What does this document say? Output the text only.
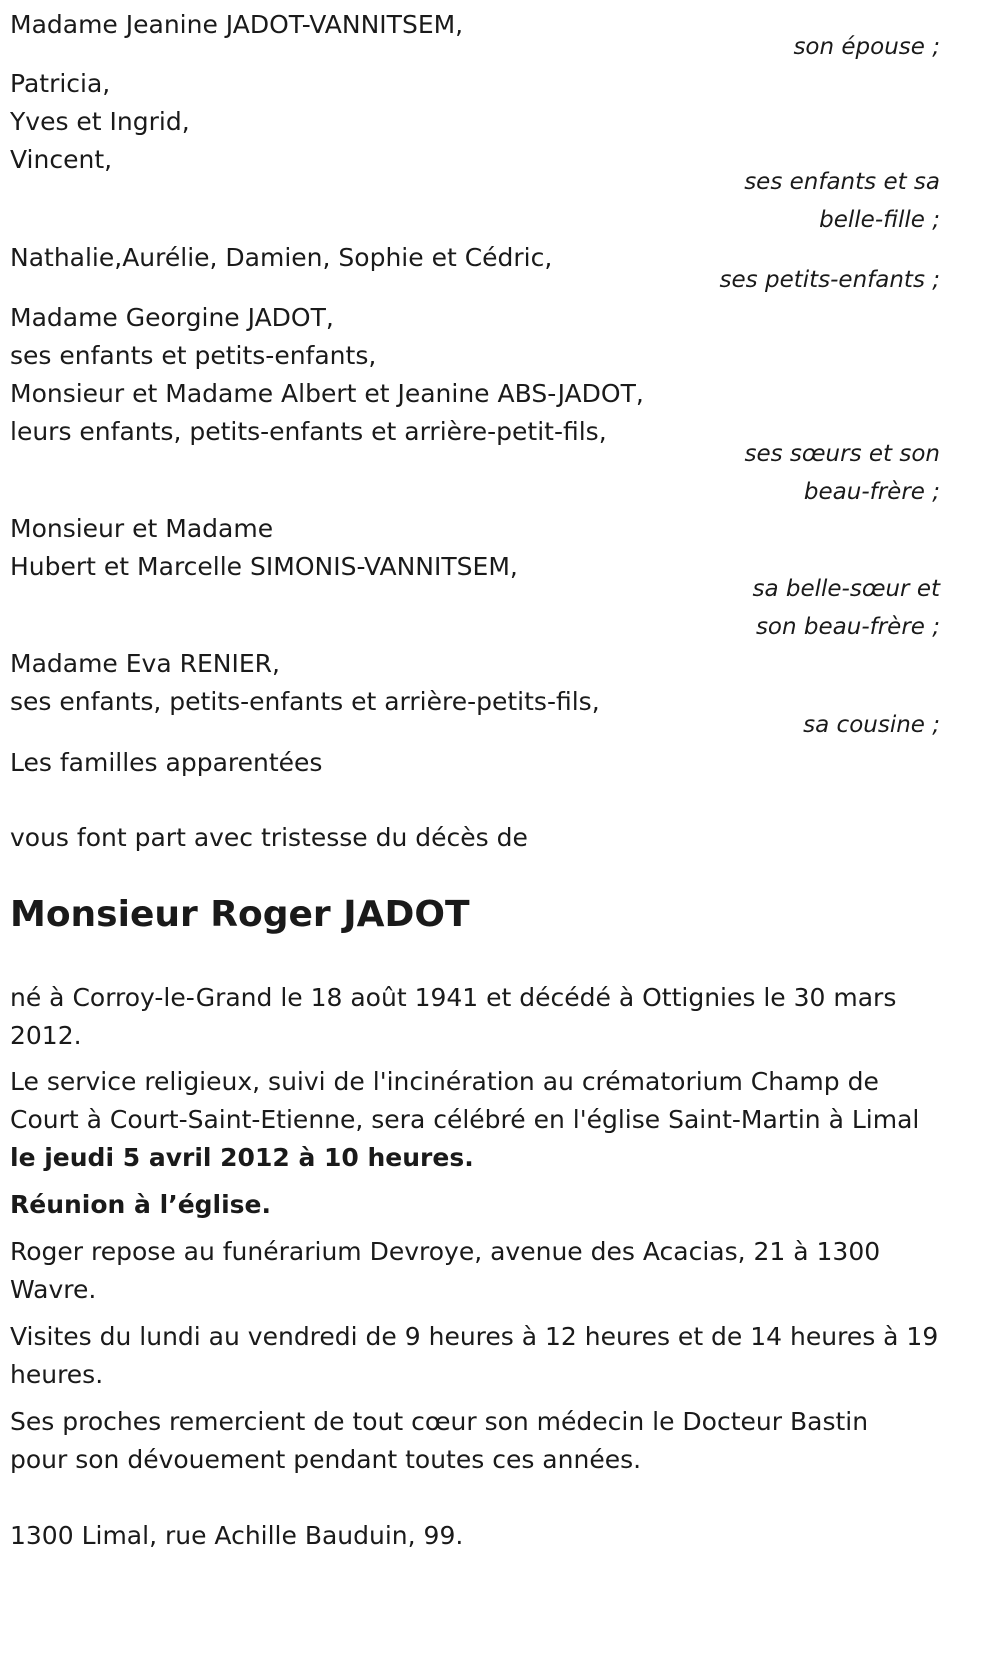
Madame Jeanine JADOT-VANNITSEM,
son épouse ;
Patricia,
Yves et Ingrid,
Vincent,
ses enfants et sa
belle-fille ;
Nathalie,Aurélie, Damien, Sophie et Cédric,
ses petits-enfants ;
Madame Georgine JADOT,
ses enfants et petits-enfants,
Monsieur et Madame Albert et Jeanine ABS-JADOT,
leurs enfants, petits-enfants et arrière-petit-fils,
ses sœurs et son
beau-frère ;
Monsieur et Madame
Hubert et Marcelle SIMONIS-VANNITSEM,
sa belle-sœur et
son beau-frère ;
Madame Eva RENIER,
ses enfants, petits-enfants et arrière-petits-fils,
sa cousine ;
Les familles apparentées
vous font part avec tristesse du décès de
Monsieur Roger JADOT
né à Corroy-le-Grand le 18 août 1941 et décédé à Ottignies le 30 mars
2012.
Le service religieux, suivi de l'incinération au crématorium Champ de
Court à Court-Saint-Etienne, sera célébré en l'église Saint-Martin à Limal
le jeudi 5 avril 2012 à 10 heures.
Réunion à l’église.
Roger repose au funérarium Devroye, avenue des Acacias, 21 à 1300
Wavre.
Visites du lundi au vendredi de 9 heures à 12 heures et de 14 heures à 19
heures.
Ses proches remercient de tout cœur son médecin le Docteur Bastin
pour son dévouement pendant toutes ces années.
1300 Limal, rue Achille Bauduin, 99.
